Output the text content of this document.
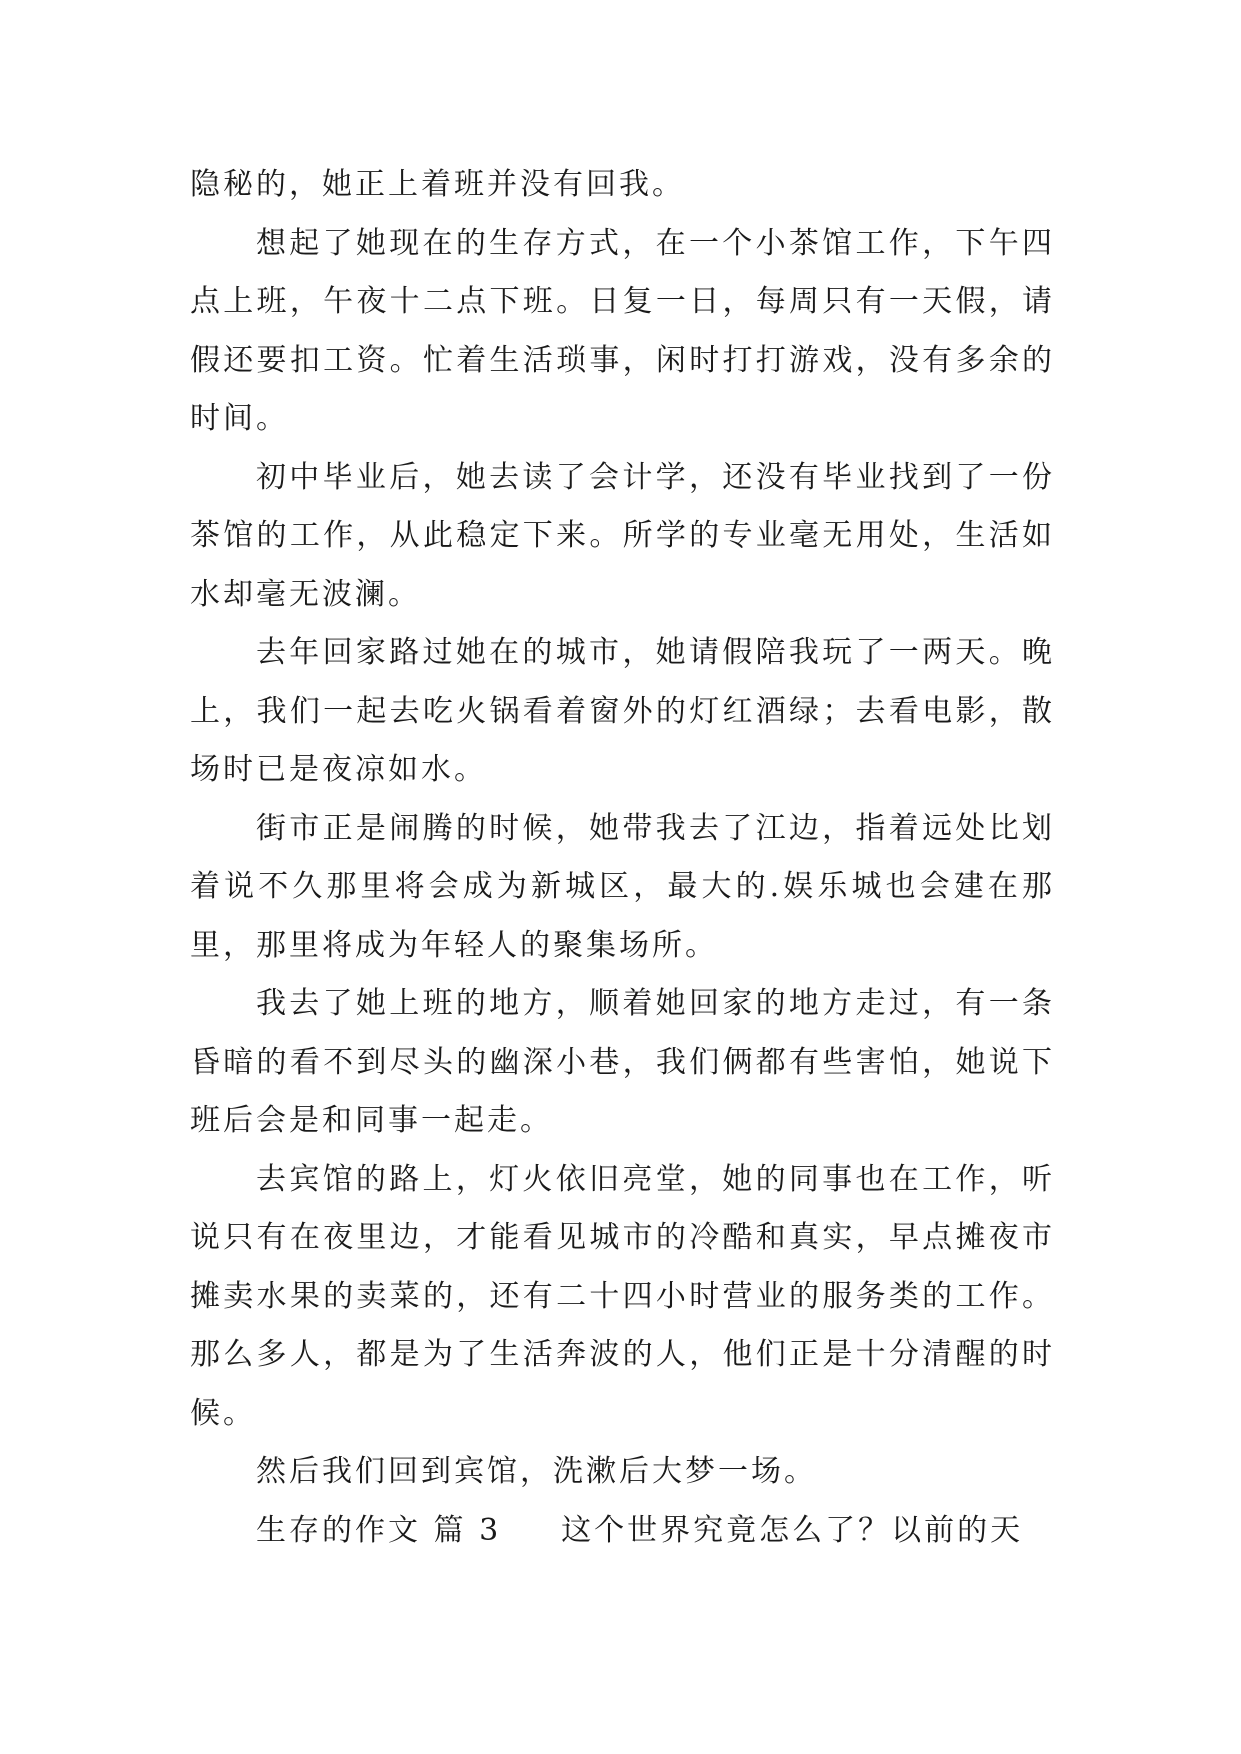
隐秘的，她正上着班并没有回我。

想起了她现在的生存方式，在一个小茶馆工作，下午四点上班，午夜十二点下班。日复一日，每周只有一天假，请假还要扣工资。忙着生活琐事，闲时打打游戏，没有多余的时间。

初中毕业后，她去读了会计学，还没有毕业找到了一份茶馆的工作，从此稳定下来。所学的专业毫无用处，生活如水却毫无波澜。

去年回家路过她在的城市，她请假陪我玩了一两天。晚上，我们一起去吃火锅看着窗外的灯红酒绿；去看电影，散场时已是夜凉如水。

街市正是闹腾的时候，她带我去了江边，指着远处比划着说不久那里将会成为新城区，最大的.娱乐城也会建在那里，那里将成为年轻人的聚集场所。

我去了她上班的地方，顺着她回家的地方走过，有一条昏暗的看不到尽头的幽深小巷，我们俩都有些害怕，她说下班后会是和同事一起走。

去宾馆的路上，灯火依旧亮堂，她的同事也在工作，听说只有在夜里边，才能看见城市的冷酷和真实，早点摊夜市摊卖水果的卖菜的，还有二十四小时营业的服务类的工作。那么多人，都是为了生活奔波的人，他们正是十分清醒的时候。

然后我们回到宾馆，洗漱后大梦一场。

生存的作文 篇 3 这个世界究竟怎么了？以前的天
